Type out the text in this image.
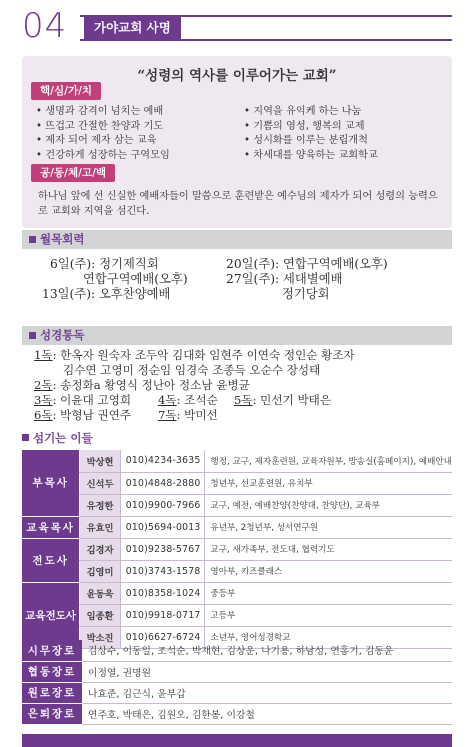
04	가야교회 사명
“성령의 역사를 이루어가는 교회”
핵/심/가/치
• 생명과 감격이 넘치는 예배
• 뜨겁고 간절한 찬양과 기도
• 제자 되어 제자 삼는 교육
• 건강하게 성장하는 구역모임
• 지역을 유익케 하는 나눔
• 기쁨의 영성, 행복의 교제
• 성시화를 이루는 분립개척
• 차세대를 양육하는 교회학교
공/동/체/고/백
하나님 앞에 선 신실한 예배자들이 말씀으로 훈련받은 예수님의 제자가 되어 성령의 능력으로 교회와 지역을 섬긴다.
월목회력
6일(주): 정기제직회
연합구역예배(오후)
13일(주): 오후찬양예배
20일(주): 연합구역예배(오후)
27일(주): 세대별예배
정기당회
성경통독
1독: 한옥자 원숙자 조두악 김대화 임현주 이연숙 정인순 황조자
김수연 고영미 정순임 임경숙 조종득 오순수 장성태
2독: 송정화a 황영식 정난아 정소남 윤병균
3독: 이윤대 고영희 4독: 조석순 5독: 민선기 박태은
6독: 박형남 권연주 7독: 박미선
섬기는 이들
부목사	박상현	010)4234-3635	행정, 교구, 제자훈련원, 교육자원부, 방송실(홈페이지), 예배안내
	신석두	010)4848-2880	청년부, 선교훈련원, 유치부
	유정한	010)9900-7966	교구, 예전, 예배찬양(찬양대, 찬양단), 교육부
교육목사	유효민	010)5694-0013	유년부, 2청년부, 성서연구원
전도사	김경자	010)9238-5767	교구, 새가족부, 전도대, 협력기도
	김영미	010)3743-1578	영아부, 키즈클래스
교육전도사	윤동욱	010)8358-1024	중등부
	임종환	010)9918-0717	고등부
	박소진	010)6627-6724	소년부, 영어성경학교
시무장로	김상수, 이동일, 조석순, 박재현, 김상운, 나기용, 하남성, 연홍기, 김동윤
협동장로	이정열, 권명원
원로장로	나효준, 김근식, 윤부갑
은퇴장로	연주호, 박태은, 김원오, 김한봉, 이강철
